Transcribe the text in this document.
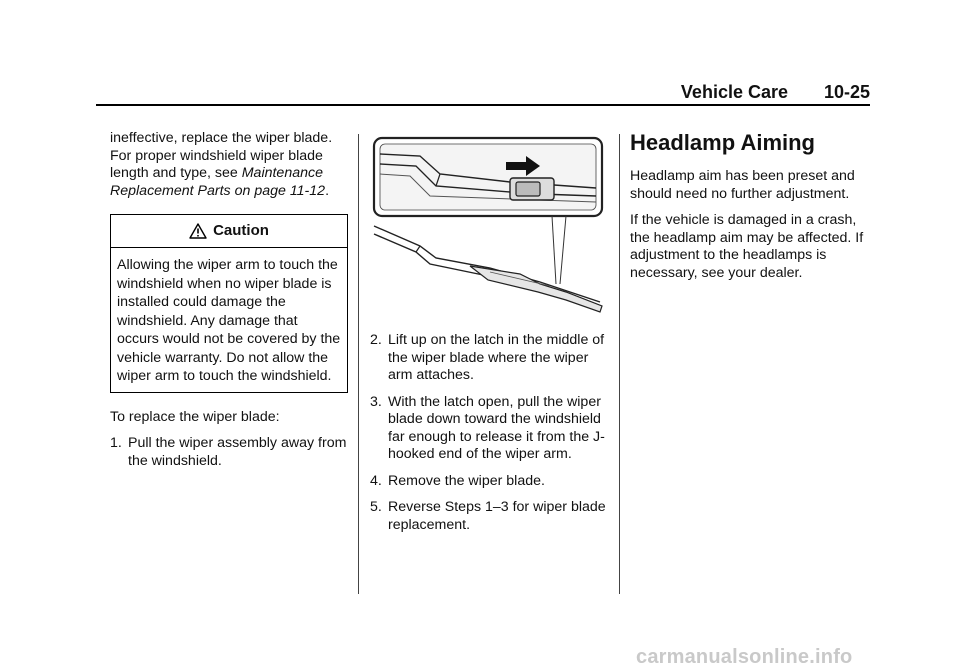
Vehicle Care 10-25

ineffective, replace the wiper blade. For proper windshield wiper blade length and type, see Maintenance Replacement Parts on page 11-12.

Caution
Allowing the wiper arm to touch the windshield when no wiper blade is installed could damage the windshield. Any damage that occurs would not be covered by the vehicle warranty. Do not allow the wiper arm to touch the windshield.

To replace the wiper blade:

1. Pull the wiper assembly away from the windshield.
2. Lift up on the latch in the middle of the wiper blade where the wiper arm attaches.
3. With the latch open, pull the wiper blade down toward the windshield far enough to release it from the J-hooked end of the wiper arm.
4. Remove the wiper blade.
5. Reverse Steps 1–3 for wiper blade replacement.
Headlamp Aiming

Headlamp aim has been preset and should need no further adjustment.

If the vehicle is damaged in a crash, the headlamp aim may be affected. If adjustment to the headlamps is necessary, see your dealer.

carmanualsonline.info
